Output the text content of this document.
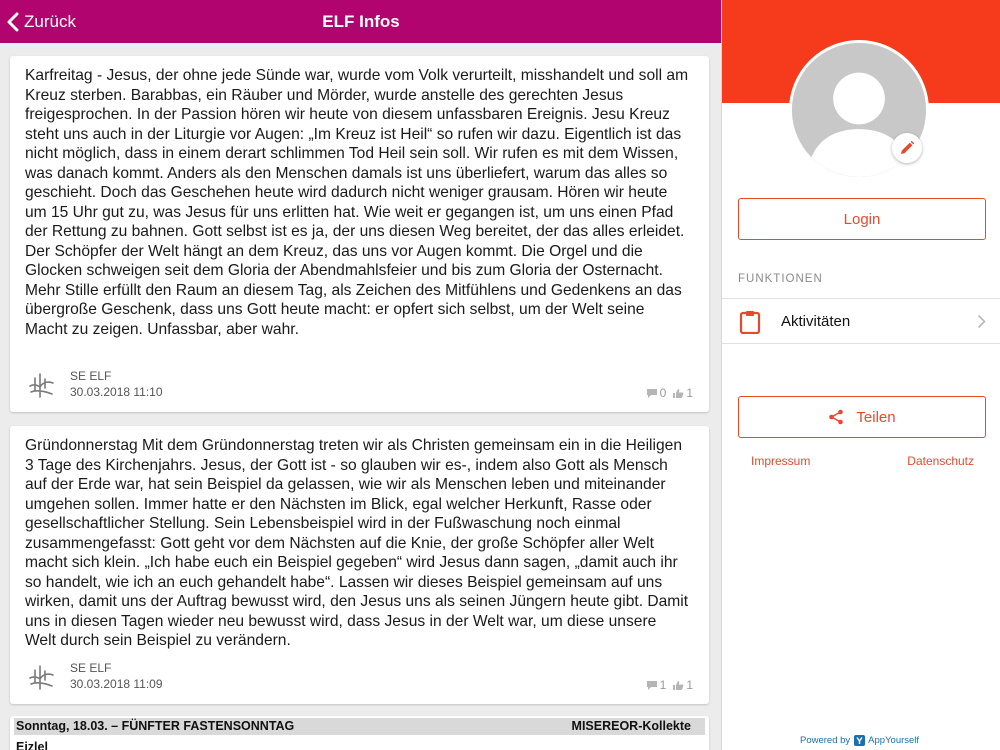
Zurück	ELF Infos
Karfreitag - Jesus, der ohne jede Sünde war, wurde vom Volk verurteilt, misshandelt und soll am Kreuz sterben. Barabbas, ein Räuber und Mörder, wurde anstelle des gerechten Jesus freigesprochen. In der Passion hören wir heute von diesem unfassbaren Ereignis. Jesu Kreuz steht uns auch in der Liturgie vor Augen: „Im Kreuz ist Heil“ so rufen wir dazu. Eigentlich ist das nicht möglich, dass in einem derart schlimmen Tod Heil sein soll. Wir rufen es mit dem Wissen, was danach kommt. Anders als den Menschen damals ist uns überliefert, warum das alles so geschieht. Doch das Geschehen heute wird dadurch nicht weniger grausam. Hören wir heute um 15 Uhr gut zu, was Jesus für uns erlitten hat. Wie weit er gegangen ist, um uns einen Pfad der Rettung zu bahnen. Gott selbst ist es ja, der uns diesen Weg bereitet, der das alles erleidet. Der Schöpfer der Welt hängt an dem Kreuz, das uns vor Augen kommt. Die Orgel und die Glocken schweigen seit dem Gloria der Abendmahlsfeier und bis zum Gloria der Osternacht. Mehr Stille erfüllt den Raum an diesem Tag, als Zeichen des Mitfühlens und Gedenkens an das übergroße Geschenk, dass uns Gott heute macht: er opfert sich selbst, um der Welt seine Macht zu zeigen. Unfassbar, aber wahr.
SE ELF
30.03.2018 11:10	0 1
Gründonnerstag Mit dem Gründonnerstag treten wir als Christen gemeinsam ein in die Heiligen 3 Tage des Kirchenjahrs. Jesus, der Gott ist - so glauben wir es-, indem also Gott als Mensch auf der Erde war, hat sein Beispiel da gelassen, wie wir als Menschen leben und miteinander umgehen sollen. Immer hatte er den Nächsten im Blick, egal welcher Herkunft, Rasse oder gesellschaftlicher Stellung. Sein Lebensbeispiel wird in der Fußwaschung noch einmal zusammengefasst: Gott geht vor dem Nächsten auf die Knie, der große Schöpfer aller Welt macht sich klein. „Ich habe euch ein Beispiel gegeben“ wird Jesus dann sagen, „damit auch ihr so handelt, wie ich an euch gehandelt habe“. Lassen wir dieses Beispiel gemeinsam auf uns wirken, damit uns der Auftrag bewusst wird, den Jesus uns als seinen Jüngern heute gibt. Damit uns in diesen Tagen wieder neu bewusst wird, dass Jesus in der Welt war, um diese unsere Welt durch sein Beispiel zu verändern.
SE ELF
30.03.2018 11:09	1 1
Sonntag, 18.03. – FÜNFTER FASTENSONNTAG	MISEREOR-Kollekte
Eizlel
Login
FUNKTIONEN
Aktivitäten
Teilen
Impressum	Datenschutz
Powered by AppYourself
